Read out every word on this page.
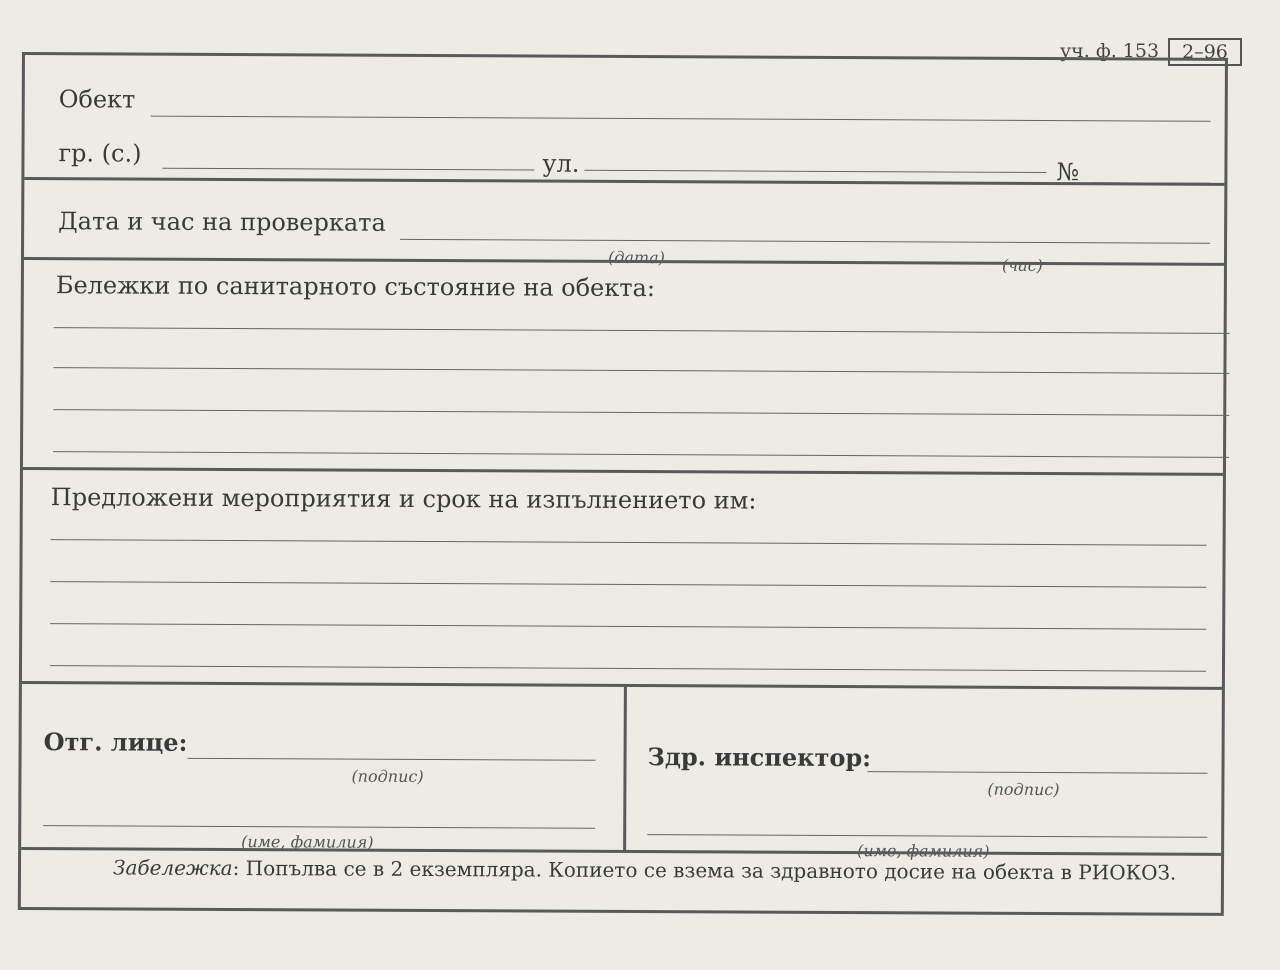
уч. ф. 153	2–96
Обект
гр. (с.)	ул.	№
Дата и час на проверката
(дата)	(час)
Бележки по санитарното състояние на обекта:
Предложени мероприятия и срок на изпълнението им:
Отг. лице:
(подпис)
(име, фамилия)
Здр. инспектор:
(подпис)
(име, фамилия)
Забележка: Попълва се в 2 екземпляра. Копието се взема за здравното досие на обекта в РИОКОЗ.
